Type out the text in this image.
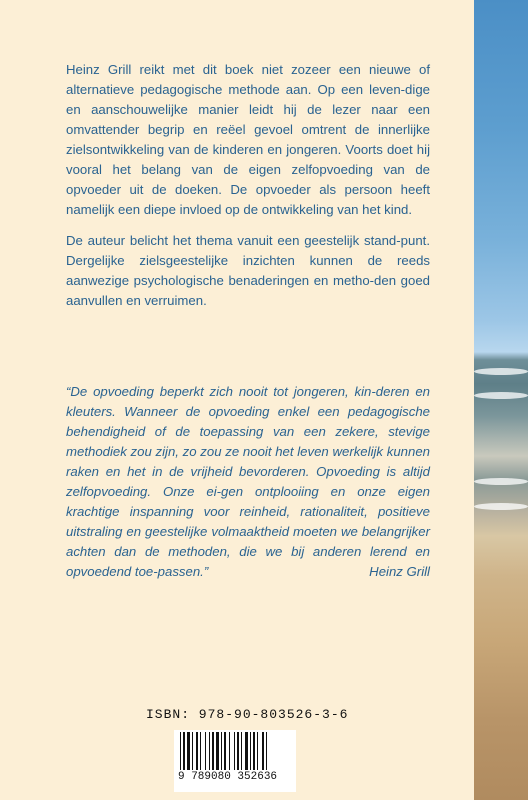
Heinz Grill reikt met dit boek niet zozeer een nieuwe of alternatieve pedagogische methode aan. Op een leven-dige en aanschouwelijke manier leidt hij de lezer naar een omvattender begrip en reëel gevoel omtrent de innerlijke zielsontwikkeling van de kinderen en jongeren. Voorts doet hij vooral het belang van de eigen zelfopvoeding van de opvoeder uit de doeken. De opvoeder als persoon heeft namelijk een diepe invloed op de ontwikkeling van het kind.

De auteur belicht het thema vanuit een geestelijk stand-punt. Dergelijke zielsgeestelijke inzichten kunnen de reeds aanwezige psychologische benaderingen en metho-den goed aanvullen en verruimen.

“De opvoeding beperkt zich nooit tot jongeren, kin-deren en kleuters. Wanneer de opvoeding enkel een pedagogische behendigheid of de toepassing van een zekere, stevige methodiek zou zijn, zo zou ze nooit het leven werkelijk kunnen raken en het in de vrijheid bevorderen. Opvoeding is altijd zelfopvoeding. Onze ei-gen ontplooiing en onze eigen krachtige inspanning voor reinheid, rationaliteit, positieve uitstraling en geestelijke volmaaktheid moeten we belangrijker achten dan de methoden, die we bij anderen lerend en opvoedend toe-passen.”	Heinz Grill
ISBN: 978-90-803526-3-6
9 789080 352636
